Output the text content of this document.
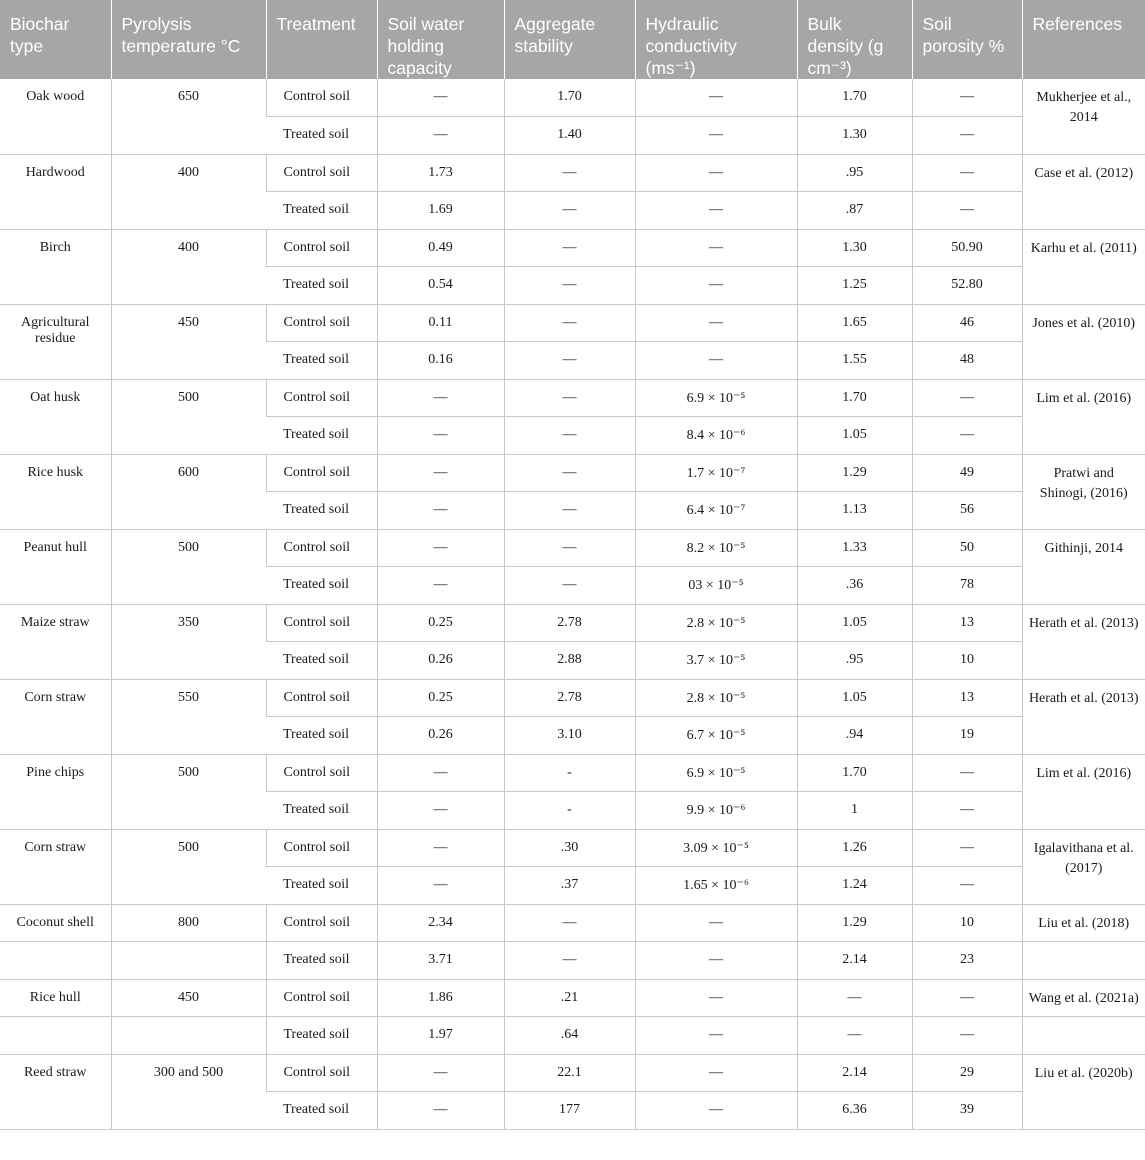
Biochar type	Pyrolysis temperature °C	Treatment	Soil water holding capacity	Aggregate stability	Hydraulic conductivity (ms⁻¹)	Bulk density (g cm⁻³)	Soil porosity %	References
Oak wood	650	Control soil	—	1.70	—	1.70	—	Mukherjee et al., 2014
		Treated soil	—	1.40	—	1.30	—	
Hardwood	400	Control soil	1.73	—	—	.95	—	Case et al. (2012)
		Treated soil	1.69	—	—	.87	—	
Birch	400	Control soil	0.49	—	—	1.30	50.90	Karhu et al. (2011)
		Treated soil	0.54	—	—	1.25	52.80	
Agricultural residue	450	Control soil	0.11	—	—	1.65	46	Jones et al. (2010)
		Treated soil	0.16	—	—	1.55	48	
Oat husk	500	Control soil	—	—	6.9 × 10⁻⁵	1.70	—	Lim et al. (2016)
		Treated soil	—	—	8.4 × 10⁻⁶	1.05	—	
Rice husk	600	Control soil	—	—	1.7 × 10⁻⁷	1.29	49	Pratwi and Shinogi, (2016)
		Treated soil	—	—	6.4 × 10⁻⁷	1.13	56	
Peanut hull	500	Control soil	—	—	8.2 × 10⁻⁵	1.33	50	Githinji, 2014
		Treated soil	—	—	03 × 10⁻⁵	.36	78	
Maize straw	350	Control soil	0.25	2.78	2.8 × 10⁻⁵	1.05	13	Herath et al. (2013)
		Treated soil	0.26	2.88	3.7 × 10⁻⁵	.95	10	
Corn straw	550	Control soil	0.25	2.78	2.8 × 10⁻⁵	1.05	13	Herath et al. (2013)
		Treated soil	0.26	3.10	6.7 × 10⁻⁵	.94	19	
Pine chips	500	Control soil	—	-	6.9 × 10⁻⁵	1.70	—	Lim et al. (2016)
		Treated soil	—	-	9.9 × 10⁻⁶	1	—	
Corn straw	500	Control soil	—	.30	3.09 × 10⁻⁵	1.26	—	Igalavithana et al. (2017)
		Treated soil	—	.37	1.65 × 10⁻⁶	1.24	—	
Coconut shell	800	Control soil	2.34	—	—	1.29	10	Liu et al. (2018)
		Treated soil	3.71	—	—	2.14	23	
Rice hull	450	Control soil	1.86	.21	—	—	—	Wang et al. (2021a)
		Treated soil	1.97	.64	—	—	—	
Reed straw	300 and 500	Control soil	—	22.1	—	2.14	29	Liu et al. (2020b)
		Treated soil	—	177	—	6.36	39	
